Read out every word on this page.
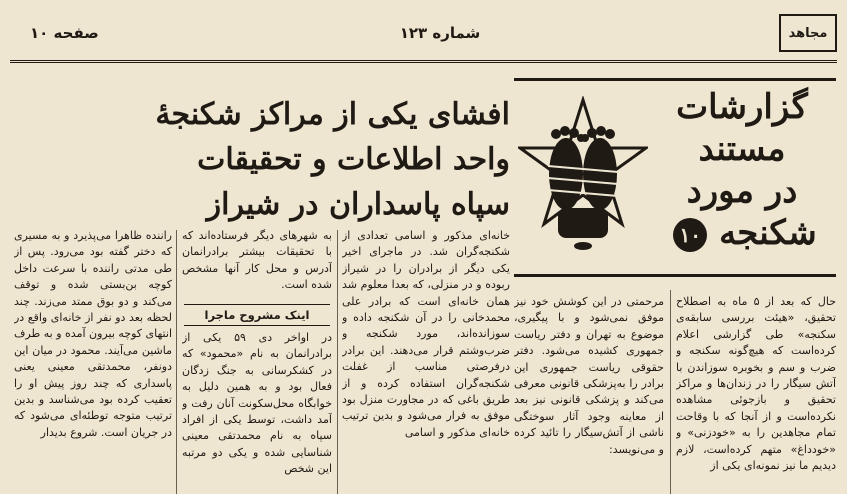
مجاهد
شماره ۱۲۳
صفحه ۱۰
گزارشات
مستند
در مورد
شکنجه ۱۰
افشای یکی از مراکز شکنجهٔ
واحد اطلاعات و تحقیقات
سپاه پاسداران در شیراز
راننده ظاهرا می‌پذیرد و به مسیری که دختر گفته بود می‌رود. پس از طی مدتی راننده با سرعت داخل کوچه بن‌بستی شده و توقف می‌کند و دو بوق ممتد می‌زند. چند لحظه بعد دو نفر از خانه‌ای واقع در انتهای کوچه بیرون آمده و به طرف ماشین می‌آیند. محمود در میان این دونفر، محمدتقی معینی یعنی پاسداری که چند روز پیش او را تعقیب کرده بود می‌شناسد و بدین ترتیب متوجه توطئه‌ای می‌شود که در جریان است. شروع بدیدار
به شهرهای دیگر فرستاده‌اند که با تحقیقات بیشتر برادرانمان آدرس و محل کار آنها مشخص شده است.
اینک مشروح ماجرا
در اواخر دی ۵۹ یکی از برادرانمان به نام «محمود» که در کشکرسانی به جنگ زدگان فعال بود و به همین دلیل به خوابگاه محل‌سکونت آنان رفت و آمد داشت، توسط یکی از افراد سپاه به نام محمدتقی معینی شناسایی شده و یکی دو مرتبه این شخص
خانه‌ای مذکور و اسامی تعدادی از شکنجه‌گران شد. در ماجرای اخیر یکی دیگر از برادران را در شیراز ربوده و در منزلی، که بعدا معلوم شد همان خانه‌ای است که برادر علی محمدخانی را در آن شکنجه داده و سوزانده‌اند، مورد شکنجه و ضرب‌وشتم قرار می‌دهند. این برادر درفرصتی مناسب از غفلت شکنجه‌گران استفاده کرده و از طریق باغی که در مجاورت منزل بود موفق به فرار می‌شود و بدین ترتیب خانه‌ای مذکور و اسامی
مرحمتی در این کوشش خود نیز موفق نمی‌شود و با پیگیری، موضوع به تهران و دفتر ریاست جمهوری کشیده می‌شود. دفتر حقوقی ریاست جمهوری این برادر را به‌پزشکی قانونی معرفی می‌کند و پزشکی قانونی نیز بعد از معاینه وجود آثار سوختگی ناشی از آتش‌سیگار را تائید کرده و می‌نویسد:
حال که بعد از ۵ ماه به اصطلاح تحقیق، «هیئت بررسی سابقه‌ی سکنجه» طی گزارشی اعلام کرده‌است که هیچ‌گونه سکنجه و ضرب و سم و بخوبره سوزاندن با آتش سیگار را در زندان‌ها و مراکز تحقیق و بازجوئی مشاهده نکرده‌است و از آنجا که با وقاحت تمام مجاهدین را به «خودزنی» و «خودداغ» متهم کرده‌است، لازم دیدیم ما نیز نمونه‌ای یکی از
